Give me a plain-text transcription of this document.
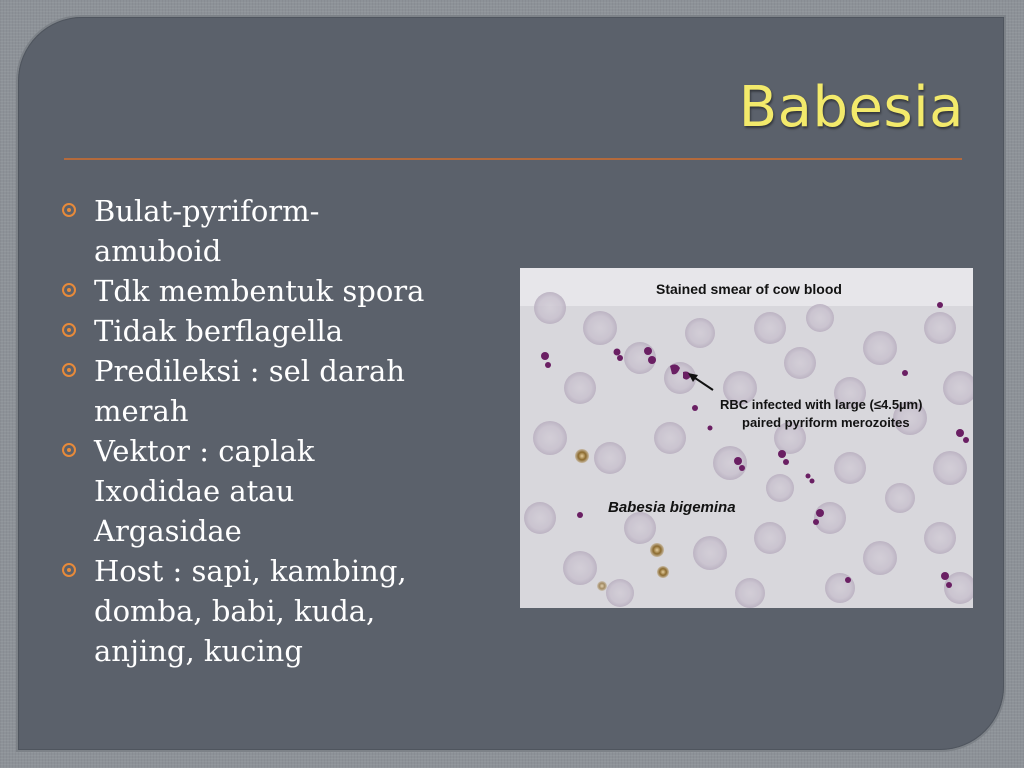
Babesia
Bulat-pyriform-
amuboid
Tdk membentuk spora
Tidak berflagella
Predileksi : sel darah
merah
Vektor : caplak
Ixodidae atau
Argasidae
Host : sapi, kambing,
domba, babi, kuda,
anjing, kucing
Stained smear of cow blood
RBC infected with large (≤4.5µm)
paired pyriform merozoites
Babesia bigemina
